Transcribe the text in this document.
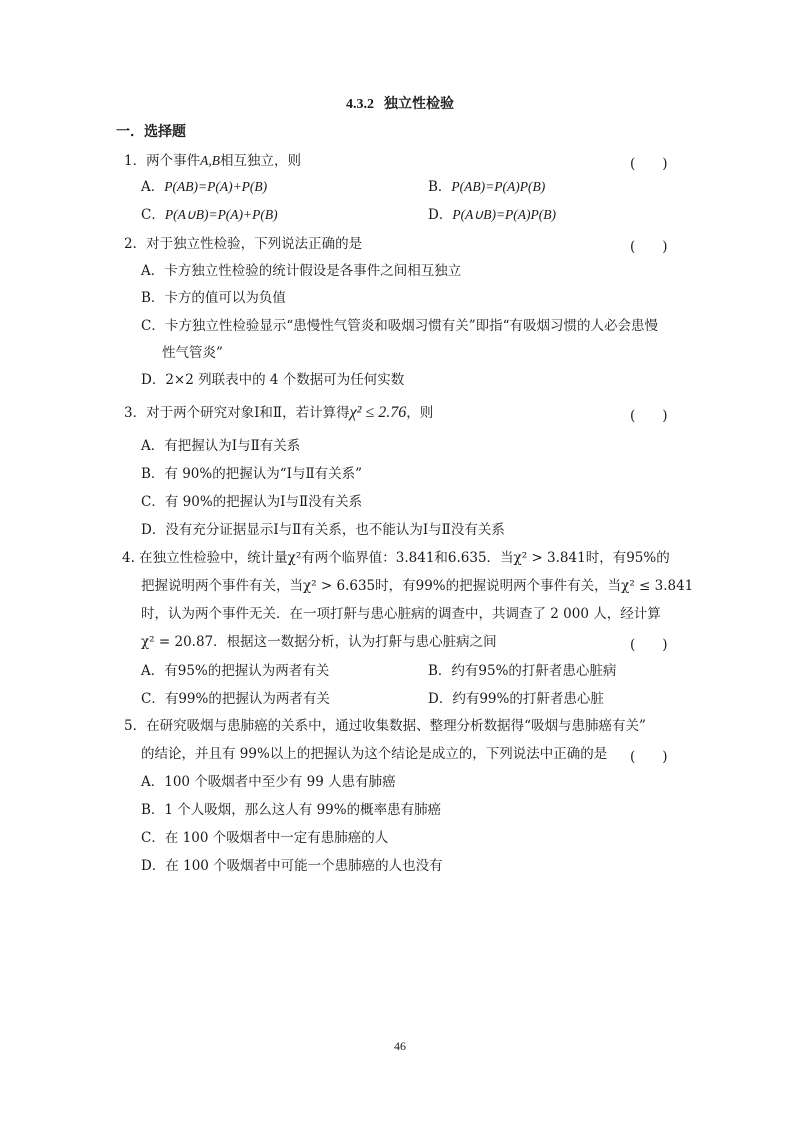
4.3.2 独立性检验
一．选择题
1．两个事件A,B相互独立，则	(　　)
A．P(AB)=P(A)+P(B)	B．P(AB)=P(A)P(B)
C．P(A∪B)=P(A)+P(B)	D．P(A∪B)=P(A)P(B)
2．对于独立性检验，下列说法正确的是	(　　)
A．卡方独立性检验的统计假设是各事件之间相互独立
B．卡方的值可以为负值
C．卡方独立性检验显示“患慢性气管炎和吸烟习惯有关”即指“有吸烟习惯的人必会患慢
性气管炎”
D．2×2 列联表中的 4 个数据可为任何实数
3．对于两个研究对象Ⅰ和Ⅱ，若计算得χ² ≤ 2.76，则	(　　)
A．有把握认为Ⅰ与Ⅱ有关系
B．有 90%的把握认为“Ⅰ与Ⅱ有关系”
C．有 90%的把握认为Ⅰ与Ⅱ没有关系
D．没有充分证据显示Ⅰ与Ⅱ有关系，也不能认为Ⅰ与Ⅱ没有关系
4. 在独立性检验中，统计量χ²有两个临界值：3.841和6.635．当χ² > 3.841时，有95%的
把握说明两个事件有关，当χ² > 6.635时，有99%的把握说明两个事件有关，当χ² ≤ 3.841
时，认为两个事件无关．在一项打鼾与患心脏病的调查中，共调查了 2 000 人，经计算
χ² = 20.87．根据这一数据分析，认为打鼾与患心脏病之间	(　　)
A．有95%的把握认为两者有关	B．约有95%的打鼾者患心脏病
C．有99%的把握认为两者有关	D．约有99%的打鼾者患心脏
5．在研究吸烟与患肺癌的关系中，通过收集数据、整理分析数据得“吸烟与患肺癌有关”
的结论，并且有 99%以上的把握认为这个结论是成立的，下列说法中正确的是 (　　)
A．100 个吸烟者中至少有 99 人患有肺癌
B．1 个人吸烟，那么这人有 99%的概率患有肺癌
C．在 100 个吸烟者中一定有患肺癌的人
D．在 100 个吸烟者中可能一个患肺癌的人也没有
46
